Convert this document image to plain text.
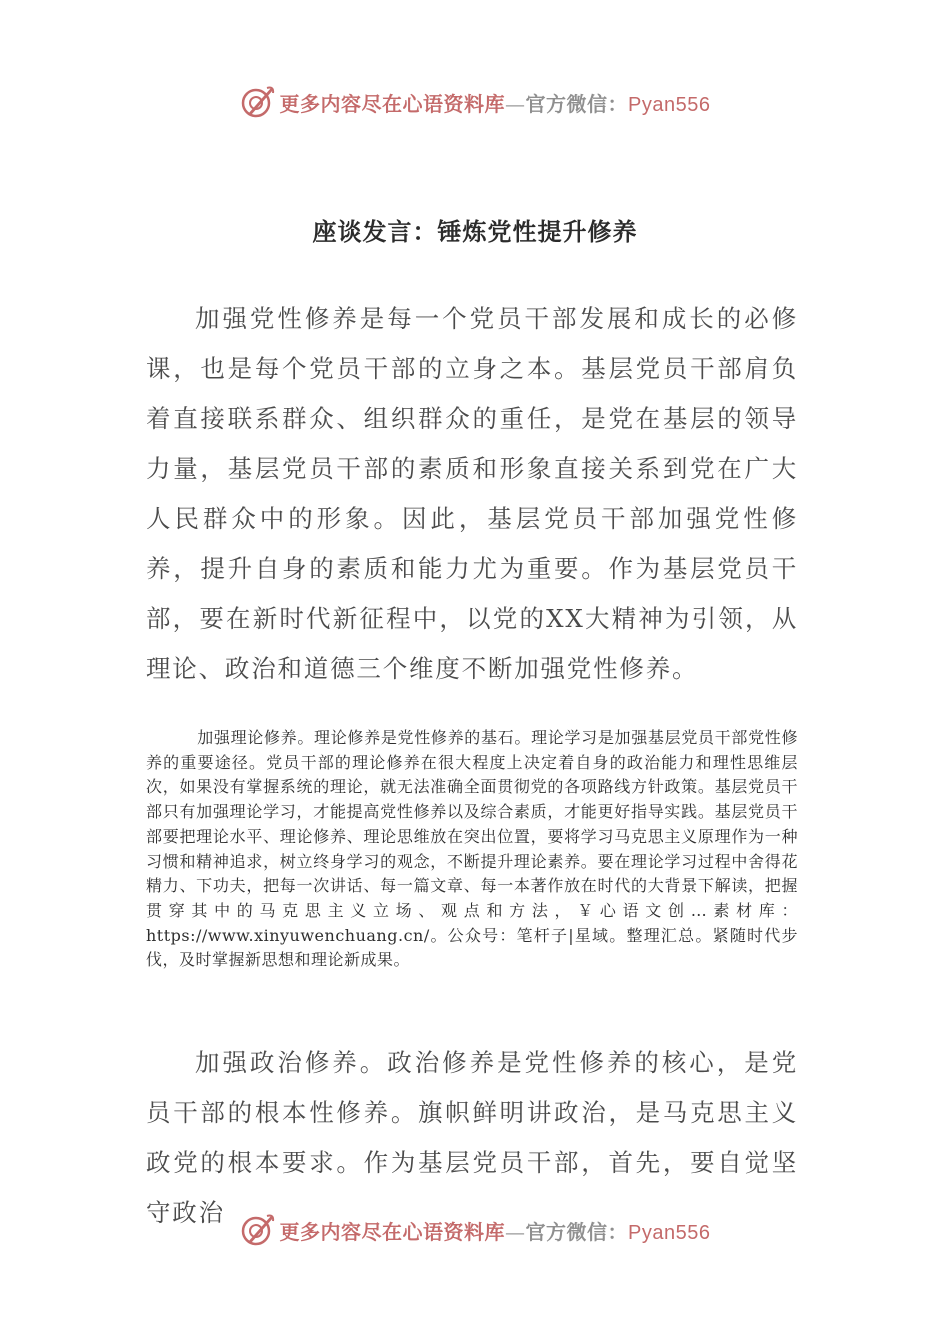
更多内容尽在心语资料库—官方微信：Pyan556
座谈发言：锤炼党性提升修养

加强党性修养是每一个党员干部发展和成长的必修课，也是每个党员干部的立身之本。基层党员干部肩负着直接联系群众、组织群众的重任，是党在基层的领导力量，基层党员干部的素质和形象直接关系到党在广大人民群众中的形象。因此，基层党员干部加强党性修养，提升自身的素质和能力尤为重要。作为基层党员干部，要在新时代新征程中，以党的XX大精神为引领，从理论、政治和道德三个维度不断加强党性修养。

加强理论修养。理论修养是党性修养的基石。理论学习是加强基层党员干部党性修养的重要途径。党员干部的理论修养在很大程度上决定着自身的政治能力和理性思维层次，如果没有掌握系统的理论，就无法准确全面贯彻党的各项路线方针政策。基层党员干部只有加强理论学习，才能提高党性修养以及综合素质，才能更好指导实践。基层党员干部要把理论水平、理论修养、理论思维放在突出位置，要将学习马克思主义原理作为一种习惯和精神追求，树立终身学习的观念，不断提升理论素养。要在理论学习过程中舍得花精力、下功夫，把每一次讲话、每一篇文章、每一本著作放在时代的大背景下解读，把握贯穿其中的马克思主义立场、观点和方法，￥心语文创…素材库：https://www.xinyuwenchuang.cn/。公众号：笔杆子|星域。整理汇总。紧随时代步伐，及时掌握新思想和理论新成果。

加强政治修养。政治修养是党性修养的核心，是党员干部的根本性修养。旗帜鲜明讲政治，是马克思主义政党的根本要求。作为基层党员干部，首先，要自觉坚守政治

更多内容尽在心语资料库—官方微信：Pyan556
